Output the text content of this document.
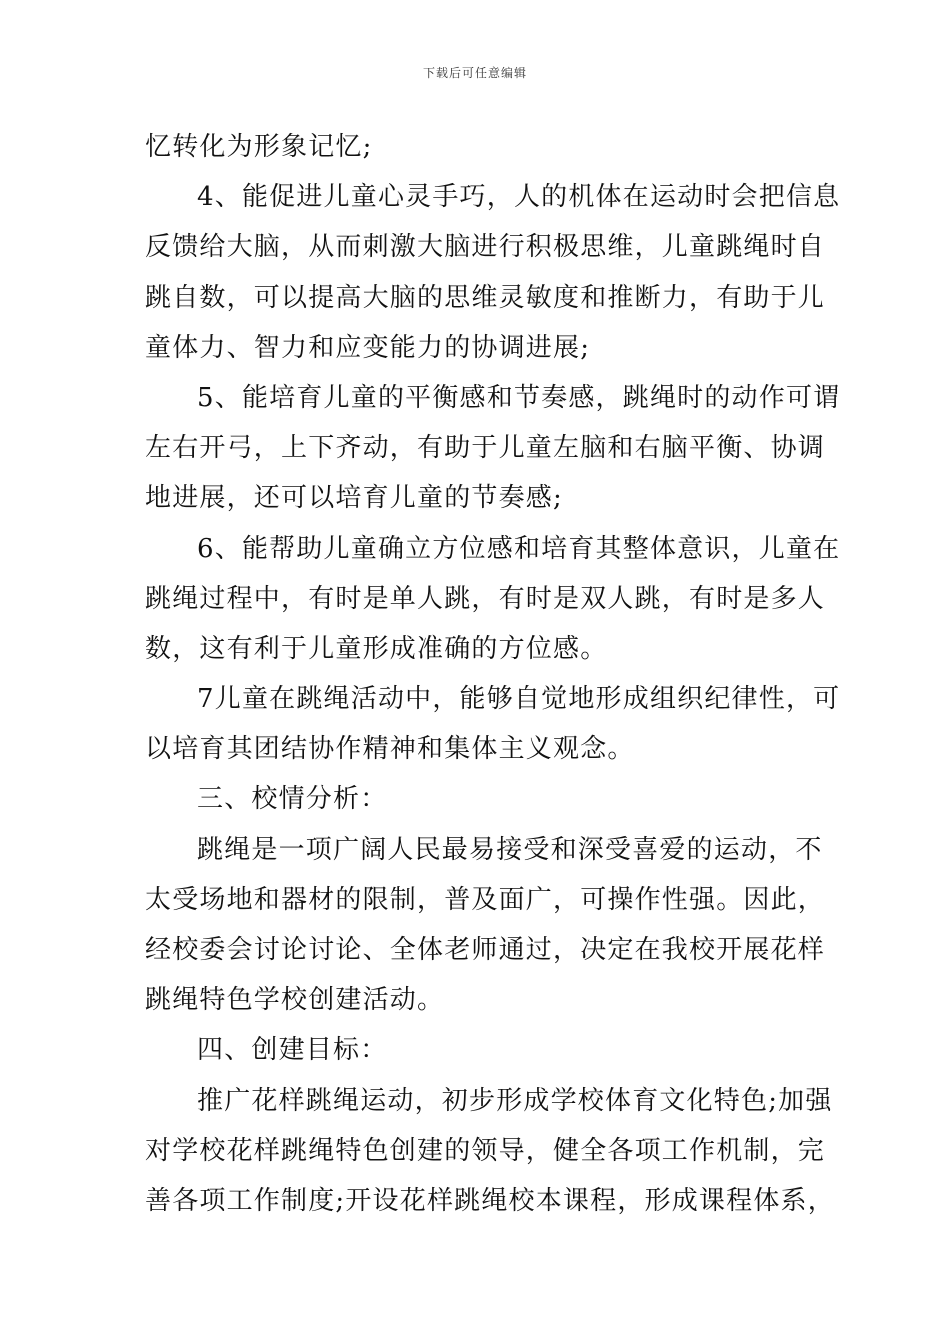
下载后可任意编辑
忆转化为形象记忆;
4、能促进儿童心灵手巧，人的机体在运动时会把信息
反馈给大脑，从而刺激大脑进行积极思维，儿童跳绳时自
跳自数，可以提高大脑的思维灵敏度和推断力，有助于儿
童体力、智力和应变能力的协调进展;
5、能培育儿童的平衡感和节奏感，跳绳时的动作可谓
左右开弓，上下齐动，有助于儿童左脑和右脑平衡、协调
地进展，还可以培育儿童的节奏感;
6、能帮助儿童确立方位感和培育其整体意识，儿童在
跳绳过程中，有时是单人跳，有时是双人跳，有时是多人
数，这有利于儿童形成准确的方位感。
7儿童在跳绳活动中，能够自觉地形成组织纪律性，可
以培育其团结协作精神和集体主义观念。
三、校情分析：
跳绳是一项广阔人民最易接受和深受喜爱的运动，不
太受场地和器材的限制，普及面广，可操作性强。因此，
经校委会讨论讨论、全体老师通过，决定在我校开展花样
跳绳特色学校创建活动。
四、创建目标：
推广花样跳绳运动，初步形成学校体育文化特色;加强
对学校花样跳绳特色创建的领导，健全各项工作机制，完
善各项工作制度;开设花样跳绳校本课程，形成课程体系，
